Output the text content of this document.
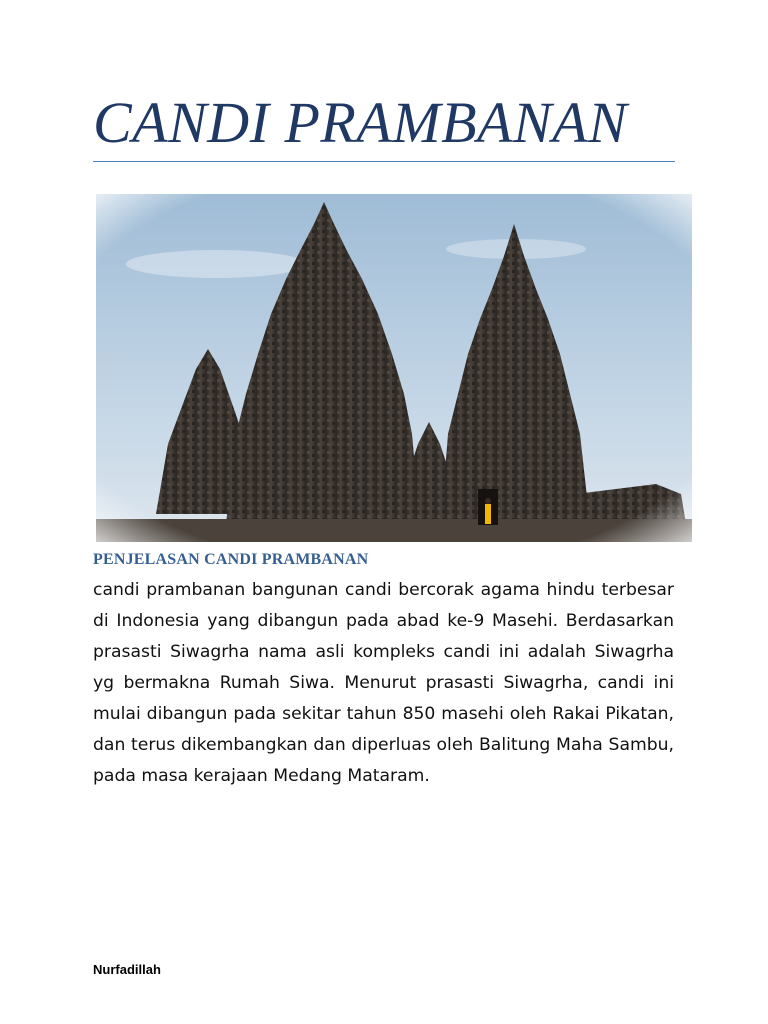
CANDI PRAMBANAN
PENJELASAN CANDI PRAMBANAN
candi prambanan bangunan candi bercorak agama hindu terbesar di Indonesia yang dibangun pada abad ke-9 Masehi. Berdasarkan prasasti Siwagrha nama asli kompleks candi ini adalah Siwagrha yg bermakna Rumah Siwa. Menurut prasasti Siwagrha, candi ini mulai dibangun pada sekitar tahun 850 masehi oleh Rakai Pikatan, dan terus dikembangkan dan diperluas oleh Balitung Maha Sambu, pada masa kerajaan Medang Mataram.
Nurfadillah
